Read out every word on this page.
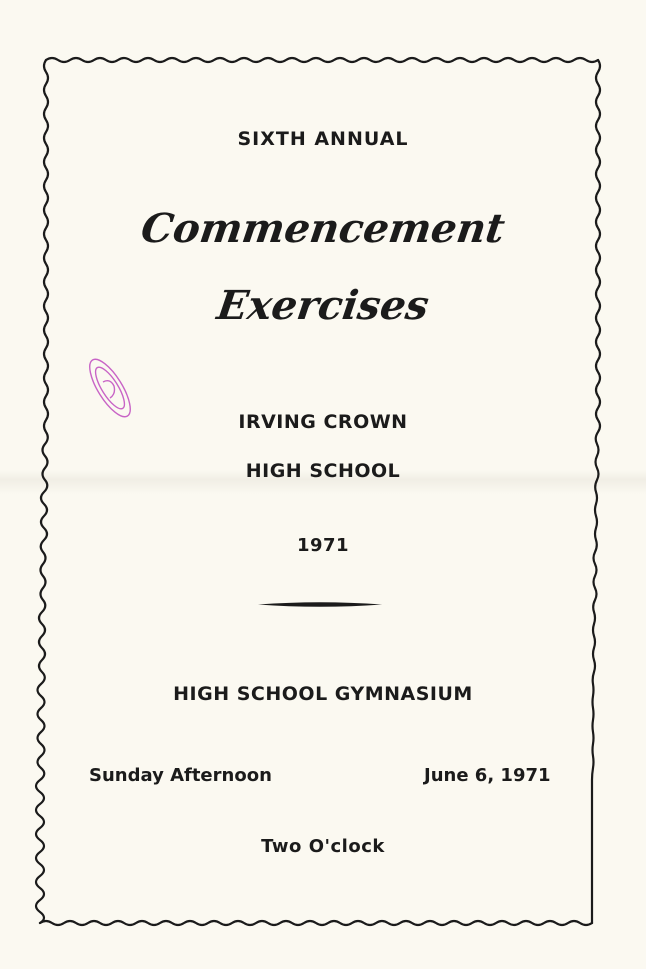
SIXTH ANNUAL
Commencement
Exercises
IRVING CROWN
HIGH SCHOOL
1971
HIGH SCHOOL GYMNASIUM
Sunday Afternoon	June 6, 1971
Two O'clock
